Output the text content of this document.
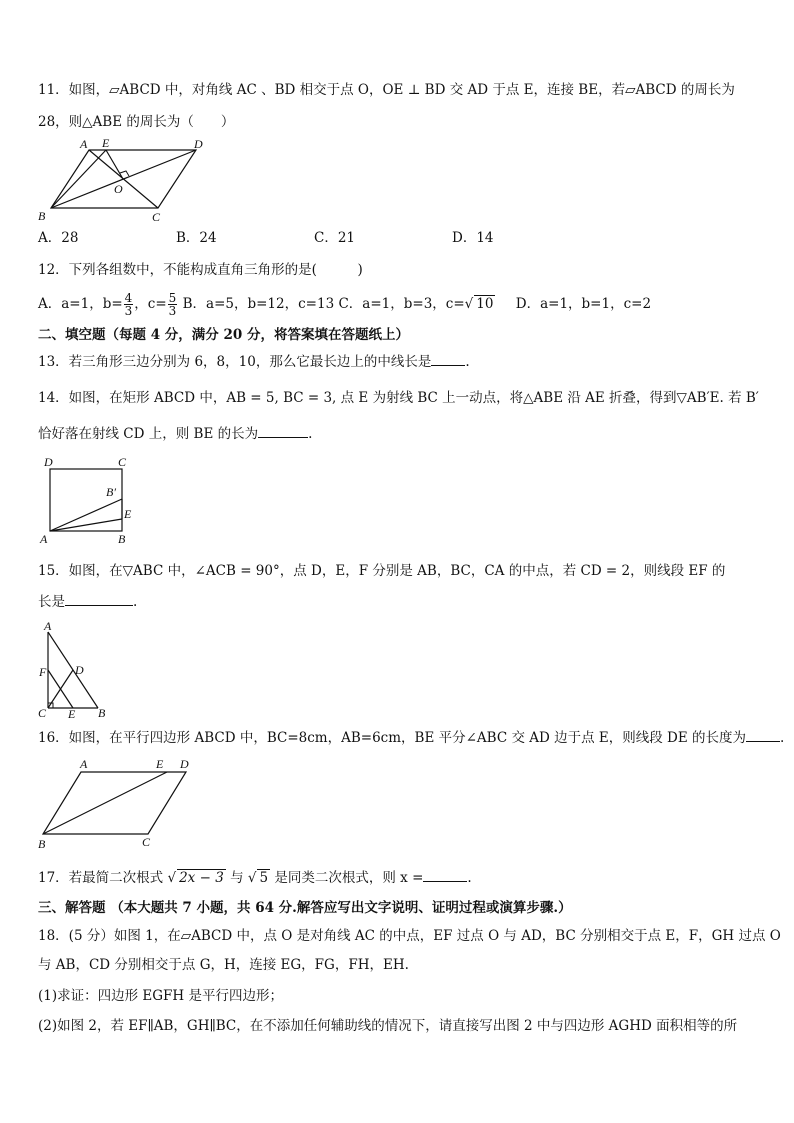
11．如图，▱ABCD 中，对角线 AC 、BD 相交于点 O，OE ⊥ BD 交 AD 于点 E，连接 BE，若▱ABCD 的周长为
28，则△ABE 的周长为（　　）
A E	D
O
B	C
A．28	B．24	C．21	D．14
12．下列各组数中，不能构成直角三角形的是(　　　)
A．a=1，$b= \frac{4}{3}$ ，$c= \frac{5}{3}$ B．a=5，b=12，c=13 C．a=1，b=3，c=√ 10 D．a=1，b=1，c=2
二、填空题（每题 4 分，满分 20 分，将答案填在答题纸上）
13．若三角形三边分别为 6，8，10，那么它最长边上的中线长是	.
14．如图，在矩形 ABCD 中，AB = 5, BC = 3, 点 E 为射线 BC 上一动点，将△ABE 沿 AE 折叠，得到▽AB′E. 若 B′
恰好落在射线 CD 上，则 BE 的长为	.
D	C
B′
E
A	B
15．如图，在▽ABC 中，∠ACB = 90°，点 D，E，F 分别是 AB，BC，CA 的中点，若 CD = 2，则线段 EF 的
长是	.
A
F D
C E B
16．如图，在平行四边形 ABCD 中，BC=8cm，AB=6cm，BE 平分∠ABC 交 AD 边于点 E，则线段 DE 的长度为	.
A	E D
B	C
17．若最简二次根式 √ 2x − 3 与 √ 5 是同类二次根式，则 x =	.
三、解答题 （本大题共 7 小题，共 64 分.解答应写出文字说明、证明过程或演算步骤.）
18．(5 分）如图 1，在▱ABCD 中，点 O 是对角线 AC 的中点，EF 过点 O 与 AD，BC 分别相交于点 E，F，GH 过点 O
与 AB，CD 分别相交于点 G，H，连接 EG，FG，FH，EH.
(1)求证：四边形 EGFH 是平行四边形；
(2)如图 2，若 EF∥AB，GH∥BC，在不添加任何辅助线的情况下，请直接写出图 2 中与四边形 AGHD 面积相等的所
